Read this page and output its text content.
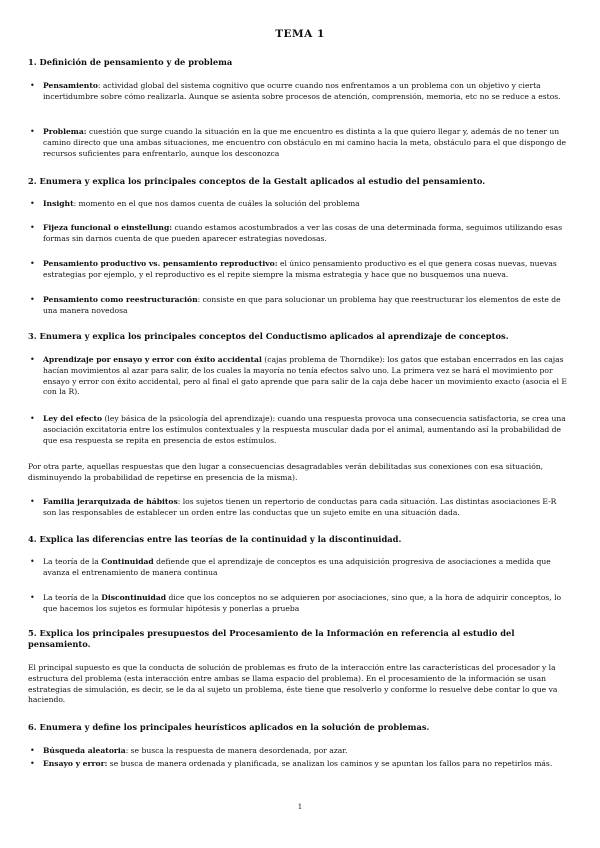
TEMA 1
1. Definición de pensamiento y de problema
• Pensamiento: actividad global del sistema cognitivo que ocurre cuando nos enfrentamos a un problema con un objetivo y cierta incertidumbre sobre cómo realizarla. Aunque se asienta sobre procesos de atención, comprensión, memoria, etc no se reduce a estos.
• Problema: cuestión que surge cuando la situación en la que me encuentro es distinta a la que quiero llegar y, además de no tener un camino directo que una ambas situaciones, me encuentro con obstáculo en mi camino hacia la meta, obstáculo para el que dispongo de recursos suficientes para enfrentarlo, aunque los desconozca
2. Enumera y explica los principales conceptos de la Gestalt aplicados al estudio del pensamiento.
• Insight: momento en el que nos damos cuenta de cuáles la solución del problema
• Fijeza funcional o einstellung: cuando estamos acostumbrados a ver las cosas de una determinada forma, seguimos utilizando esas formas sin darnos cuenta de que pueden aparecer estrategias novedosas.
• Pensamiento productivo vs. pensamiento reproductivo: el único pensamiento productivo es el que genera cosas nuevas, nuevas estrategias por ejemplo, y el reproductivo es el repite siempre la misma estrategia y hace que no busquemos una nueva.
• Pensamiento como reestructuración: consiste en que para solucionar un problema hay que reestructurar los elementos de este de una manera novedosa
3. Enumera y explica los principales conceptos del Conductismo aplicados al aprendizaje de conceptos.
• Aprendizaje por ensayo y error con éxito accidental (cajas problema de Thorndike): los gatos que estaban encerrados en las cajas hacían movimientos al azar para salir, de los cuales la mayoría no tenía efectos salvo uno. La primera vez se hará el movimiento por ensayo y error con éxito accidental, pero al final el gato aprende que para salir de la caja debe hacer un movimiento exacto (asocia el E con la R).
• Ley del efecto (ley básica de la psicología del aprendizaje): cuando una respuesta provoca una consecuencia satisfactoria, se crea una asociación excitatoria entre los estímulos contextuales y la respuesta muscular dada por el animal, aumentando así la probabilidad de que esa respuesta se repita en presencia de estos estímulos.
Por otra parte, aquellas respuestas que den lugar a consecuencias desagradables verán debilitadas sus conexiones con esa situación, disminuyendo la probabilidad de repetirse en presencia de la misma).
• Familia jerarquizada de hábitos: los sujetos tienen un repertorio de conductas para cada situación. Las distintas asociaciones E-R son las responsables de establecer un orden entre las conductas que un sujeto emite en una situación dada.
4. Explica las diferencias entre las teorías de la continuidad y la discontinuidad.
• La teoría de la Continuidad defiende que el aprendizaje de conceptos es una adquisición progresiva de asociaciones a medida que avanza el entrenamiento de manera continua
• La teoría de la Discontinuidad dice que los conceptos no se adquieren por asociaciones, sino que, a la hora de adquirir conceptos, lo que hacemos los sujetos es formular hipótesis y ponerlas a prueba
5. Explica los principales presupuestos del Procesamiento de la Información en referencia al estudio del pensamiento.
El principal supuesto es que la conducta de solución de problemas es fruto de la interacción entre las características del procesador y la estructura del problema (esta interacción entre ambas se llama espacio del problema). En el procesamiento de la información se usan estrategias de simulación, es decir, se le da al sujeto un problema, éste tiene que resolverlo y conforme lo resuelve debe contar lo que va haciendo.
6. Enumera y define los principales heurísticos aplicados en la solución de problemas.
• Búsqueda aleatoria: se busca la respuesta de manera desordenada, por azar.
• Ensayo y error: se busca de manera ordenada y planificada, se analizan los caminos y se apuntan los fallos para no repetirlos más.
1
